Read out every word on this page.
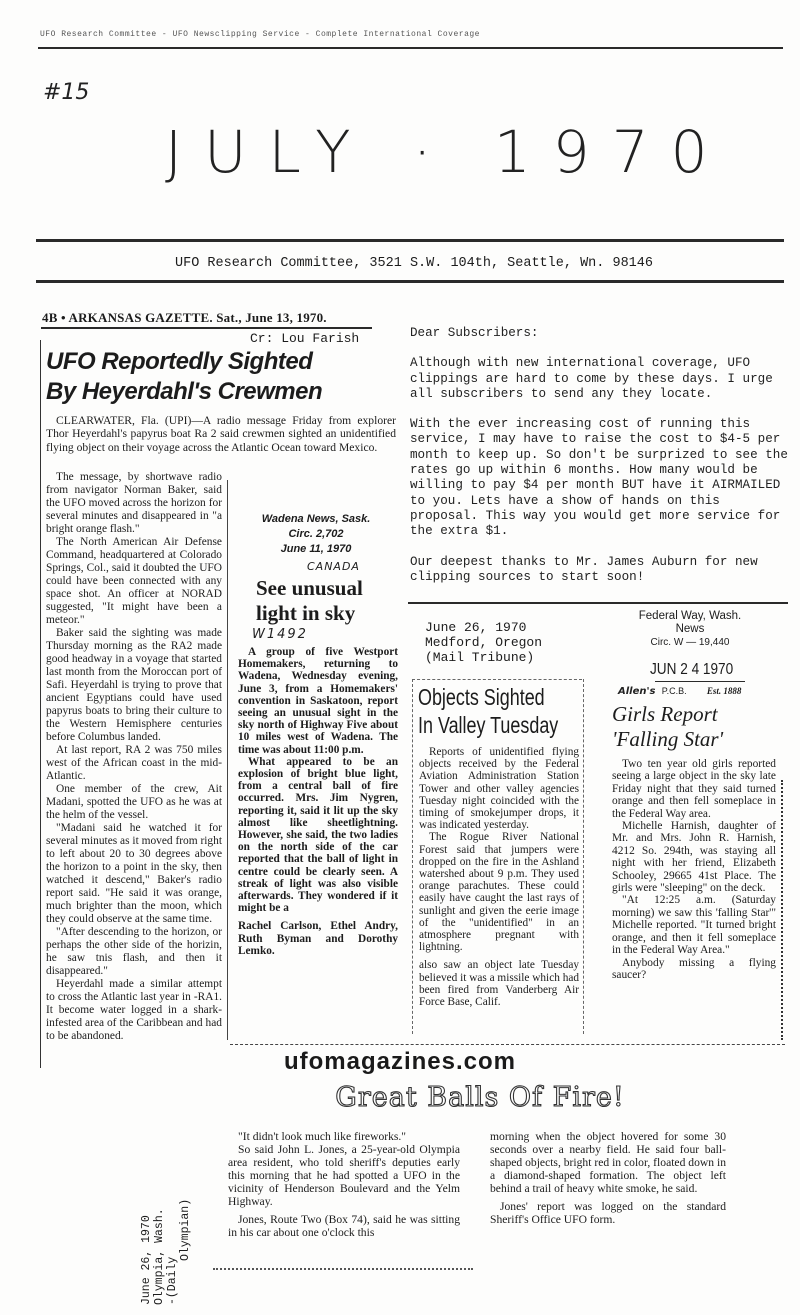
UFO Research Committee - UFO Newsclipping Service - Complete International Coverage
#15
JULY · 1970
UFO Research Committee, 3521 S.W. 104th, Seattle, Wn. 98146
4B • ARKANSAS GAZETTE. Sat., June 13, 1970.
Cr: Lou Farish
UFO Reportedly Sighted
By Heyerdahl's Crewmen

CLEARWATER, Fla. (UPI)—A radio message Friday from explorer Thor Heyerdahl's papyrus boat Ra 2 said crewmen sighted an unidentified flying object on their voyage across the Atlantic Ocean toward Mexico.

The message, by shortwave radio from navigator Norman Baker, said the UFO moved across the horizon for several minutes and disappeared in "a bright orange flash."

The North American Air Defense Command, headquartered at Colorado Springs, Col., said it doubted the UFO could have been connected with any space shot. An officer at NORAD suggested, "It might have been a meteor."

Baker said the sighting was made Thursday morning as the RA2 made good headway in a voyage that started last month from the Moroccan port of Safi. Heyerdahl is trying to prove that ancient Egyptians could have used papyrus boats to bring their culture to the Western Hemisphere centuries before Columbus landed.

At last report, RA 2 was 750 miles west of the African coast in the mid-Atlantic.

One member of the crew, Ait Madani, spotted the UFO as he was at the helm of the vessel.

"Madani said he watched it for several minutes as it moved from right to left about 20 to 30 degrees above the horizon to a point in the sky, then watched it descend," Baker's radio report said. "He said it was orange, much brighter than the moon, which they could observe at the same time.

"After descending to the horizon, or perhaps the other side of the horizin, he saw tnis flash, and then it disappeared."

Heyerdahl made a similar attempt to cross the Atlantic last year in -RA1. It become water logged in a shark-infested area of the Caribbean and had to be abandoned.

Wadena News, Sask.
Circ. 2,702
June 11, 1970
CANADA
See unusual
light in sky
W1492

A group of five Westport Homemakers, returning to Wadena, Wednesday evening, June 3, from a Homemakers' convention in Saskatoon, report seeing an unusual sight in the sky north of Highway Five about 10 miles west of Wadena. The time was about 11:00 p.m.

What appeared to be an explosion of bright blue light, from a central ball of fire occurred. Mrs. Jim Nygren, reporting it, said it lit up the sky almost like sheetlightning. However, she said, the two ladies on the north side of the car reported that the ball of light in centre could be clearly seen. A streak of light was also visible afterwards. They wondered if it might be a

Rachel Carlson, Ethel Andry, Ruth Byman and Dorothy Lemko.

Dear Subscribers:

Although with new international coverage, UFO clippings are hard to come by these days. I urge all subscribers to send any they locate.

With the ever increasing cost of running this service, I may have to raise the cost to $4-5 per month to keep up. So don't be surprized to see the rates go up within 6 months. How many would be willing to pay $4 per month BUT have it AIRMAILED to you. Lets have a show of hands on this proposal. This way you would get more service for the extra $1.

Our deepest thanks to Mr. James Auburn for new clipping sources to start soon!

June 26, 1970
Medford, Oregon
(Mail Tribune)
Objects Sighted
In Valley Tuesday

Reports of unidentified flying objects received by the Federal Aviation Administration Station Tower and other valley agencies Tuesday night coincided with the timing of smokejumper drops, it was indicated yesterday.

The Rogue River National Forest said that jumpers were dropped on the fire in the Ashland watershed about 9 p.m. They used orange parachutes. These could easily have caught the last rays of sunlight and given the eerie image of the "unidentified" in an atmosphere pregnant with lightning.

also saw an object late Tuesday believed it was a missile which had been fired from Vanderberg Air Force Base, Calif.

Federal Way, Wash.
News
Circ. W — 19,440
JUN 2 4 1970
Allen's P.C.B. Est. 1888
Girls Report
'Falling Star'

Two ten year old girls reported seeing a large object in the sky late Friday night that they said turned orange and then fell someplace in the Federal Way area.

Michelle Harnish, daughter of Mr. and Mrs. John R. Harnish, 4212 So. 294th, was staying all night with her friend, Elizabeth Schooley, 29665 41st Place. The girls were "sleeping" on the deck.

"At 12:25 a.m. (Saturday morning) we saw this 'falling Star'" Michelle reported. "It turned bright orange, and then it fell someplace in the Federal Way Area."

Anybody missing a flying saucer?

ufomagazines.com
Great Balls Of Fire!
June 26, 1970 Olympia, Wash. -(Daily
Olympian)

"It didn't look much like fireworks."

So said John L. Jones, a 25-year-old Olympia area resident, who told sheriff's deputies early this morning that he had spotted a UFO in the vicinity of Henderson Boulevard and the Yelm Highway.

Jones, Route Two (Box 74), said he was sitting in his car about one o'clock this

morning when the object hovered for some 30 seconds over a nearby field. He said four ball-shaped objects, bright red in color, floated down in a diamond-shaped formation. The object left behind a trail of heavy white smoke, he said.

Jones' report was logged on the standard Sheriff's Office UFO form.
